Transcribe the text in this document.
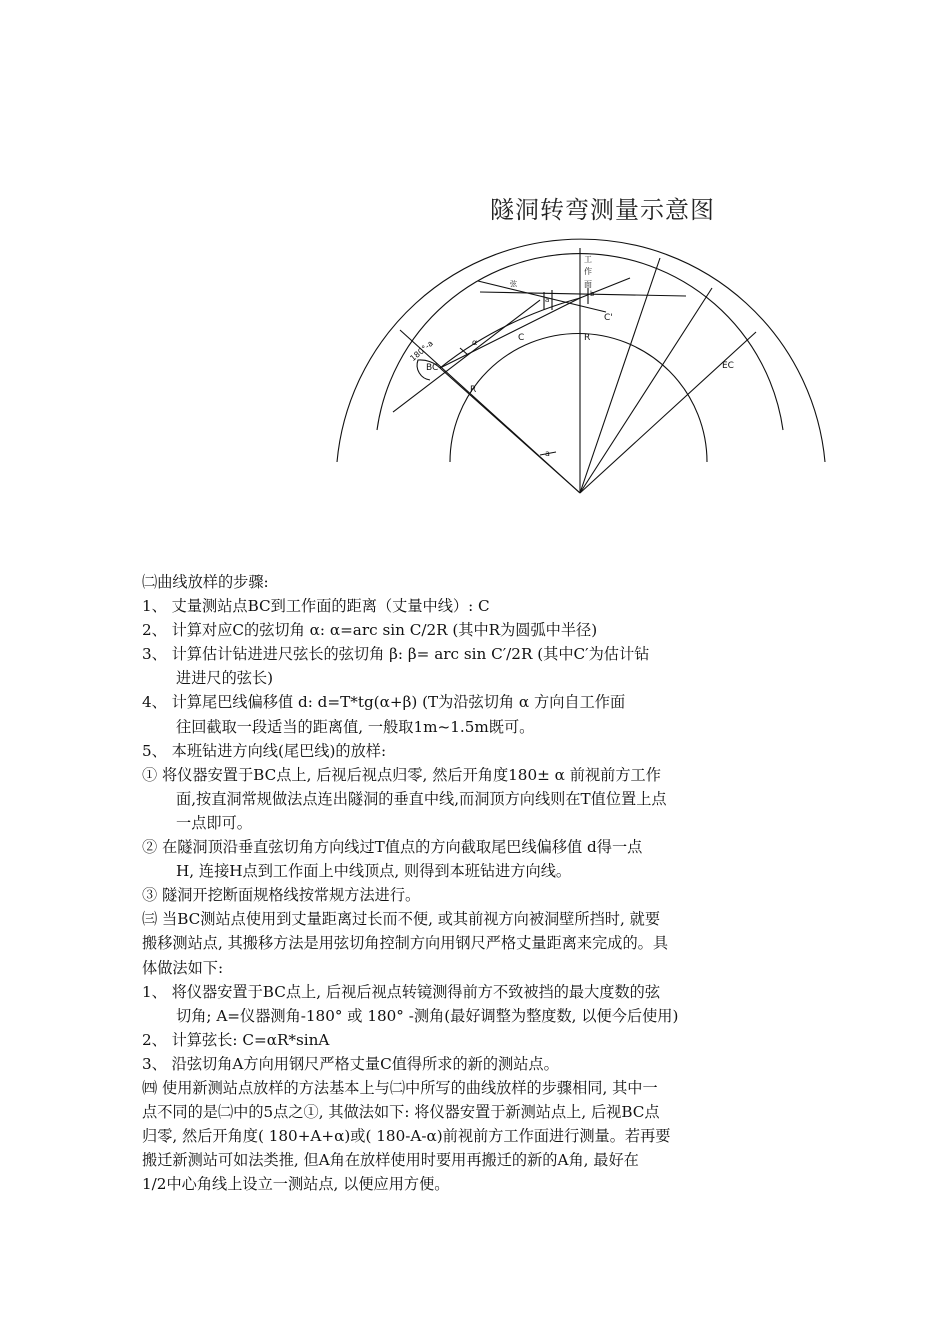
隧洞转弯测量示意图
工
作
面
弦
a
b
C'
C	R
R
EC
BC
180°-a	α
a
㈡曲线放样的步骤:
1、 丈量测站点BC到工作面的距离（丈量中线）: C
2、 计算对应C的弦切角 α: α=arc sin C/2R (其中R为圆弧中半径)
3、 计算估计钻进进尺弦长的弦切角 β: β= arc sin C′/2R (其中C′为估计钻
进进尺的弦长)
4、 计算尾巴线偏移值 d: d=T*tg(α+β) (T为沿弦切角 α 方向自工作面
往回截取一段适当的距离值, 一般取1m~1.5m既可。
5、 本班钻进方向线(尾巴线)的放样:
① 将仪器安置于BC点上, 后视后视点归零, 然后开角度180± α 前视前方工作
面,按直洞常规做法点连出隧洞的垂直中线,而洞顶方向线则在T值位置上点
一点即可。
② 在隧洞顶沿垂直弦切角方向线过T值点的方向截取尾巴线偏移值 d得一点
H, 连接H点到工作面上中线顶点, 则得到本班钻进方向线。
③ 隧洞开挖断面规格线按常规方法进行。
㈢ 当BC测站点使用到丈量距离过长而不便, 或其前视方向被洞壁所挡时, 就要
搬移测站点, 其搬移方法是用弦切角控制方向用钢尺严格丈量距离来完成的。具
体做法如下:
1、 将仪器安置于BC点上, 后视后视点转镜测得前方不致被挡的最大度数的弦
切角; A=仪器测角-180° 或 180° -测角(最好调整为整度数, 以便今后使用)
2、 计算弦长: C=αR*sinA
3、 沿弦切角A方向用钢尺严格丈量C值得所求的新的测站点。
㈣ 使用新测站点放样的方法基本上与㈡中所写的曲线放样的步骤相同, 其中一
点不同的是㈡中的5点之①, 其做法如下: 将仪器安置于新测站点上, 后视BC点
归零, 然后开角度( 180+A+α)或( 180-A-α)前视前方工作面进行测量。若再要
搬迁新测站可如法类推, 但A角在放样使用时要用再搬迁的新的A角, 最好在
1/2中心角线上设立一测站点, 以便应用方便。
